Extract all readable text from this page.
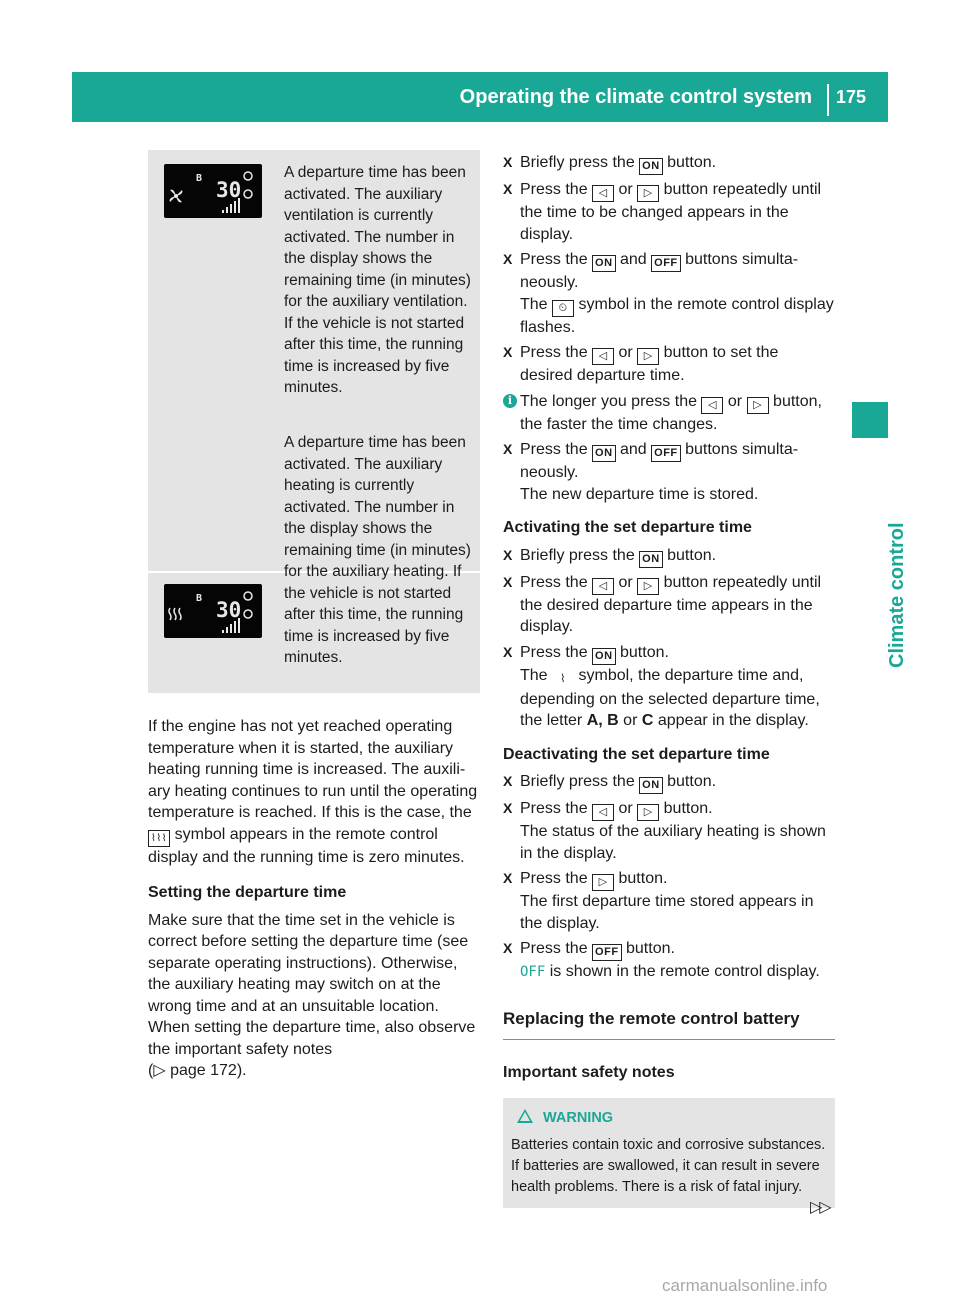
Operating the climate control system	175
Climate control
B 30
A departure time has been activated. The auxiliary ventilation is currently activated. The number in the display shows the remaining time (in minutes) for the auxiliary ventilation. If the vehicle is not started after this time, the running time is increased by five minutes.
B 30
A departure time has been activated. The auxiliary heating is currently activated. The number in the display shows the remaining time (in minutes) for the auxiliary heating. If the vehicle is not started after this time, the running time is increased by five minutes.

If the engine has not yet reached operating temperature when it is started, the auxiliary heating running time is increased. The auxiliary heating continues to run until the operating temperature is reached. If this is the case, the ⌇⌇⌇ symbol appears in the remote control display and the running time is zero minutes.

Setting the departure time

Make sure that the time set in the vehicle is correct before setting the departure time (see separate operating instructions). Otherwise, the auxiliary heating may switch on at the wrong time and at an unsuitable location. When setting the departure time, also observe the important safety notes
(▷ page 172).

X Briefly press the ON button.
X Press the ◁ or ▷ button repeatedly until the time to be changed appears in the display.
X Press the ON and OFF buttons simultaneously.
The ⏲ symbol in the remote control display flashes.
X Press the ◁ or ▷ button to set the desired departure time.
i The longer you press the ◁ or ▷ button, the faster the time changes.
X Press the ON and OFF buttons simultaneously.
The new departure time is stored.

Activating the set departure time

X Briefly press the ON button.
X Press the ◁ or ▷ button repeatedly until the desired departure time appears in the display.
X Press the ON button.
The ⌇ symbol, the departure time and, depending on the selected departure time, the letter A, B or C appear in the display.

Deactivating the set departure time

X Briefly press the ON button.
X Press the ◁ or ▷ button.
The status of the auxiliary heating is shown in the display.
X Press the ▷ button.
The first departure time stored appears in the display.
X Press the OFF button.
OFF is shown in the remote control display.

Replacing the remote control battery

Important safety notes

WARNING
Batteries contain toxic and corrosive substances. If batteries are swallowed, it can result in severe health problems. There is a risk of fatal injury.
▷▷
carmanualsonline.info
